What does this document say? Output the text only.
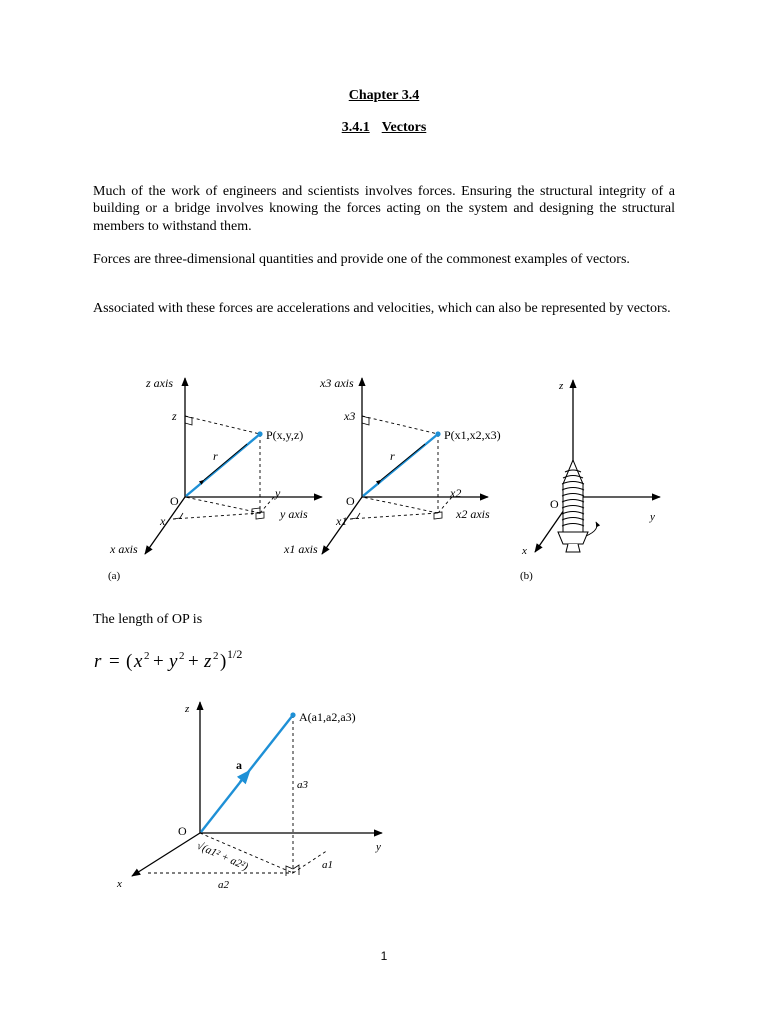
Chapter 3.4
3.4.1 Vectors

Much of the work of engineers and scientists involves forces. Ensuring the structural integrity of a building or a bridge involves knowing the forces acting on the system and designing the structural members to withstand them.

Forces are three-dimensional quantities and provide one of the commonest examples of vectors.

Associated with these forces are accelerations and velocities, which can also be represented by vectors.

z axis
z
P(x,y,z)
r
O
y
y axis
x
x axis
(a)
x3 axis
x3
P(x1,x2,x3)
r
O
x2
x2 axis
x1
x1 axis
z
O
y
x
(b)

The length of OP is

r = ( x 2 + y 2 + z 2 ) 1/2
z
A(a1,a2,a3)
a
a3
O
y
√(a1² + a2²)	a1
x	a2
1
